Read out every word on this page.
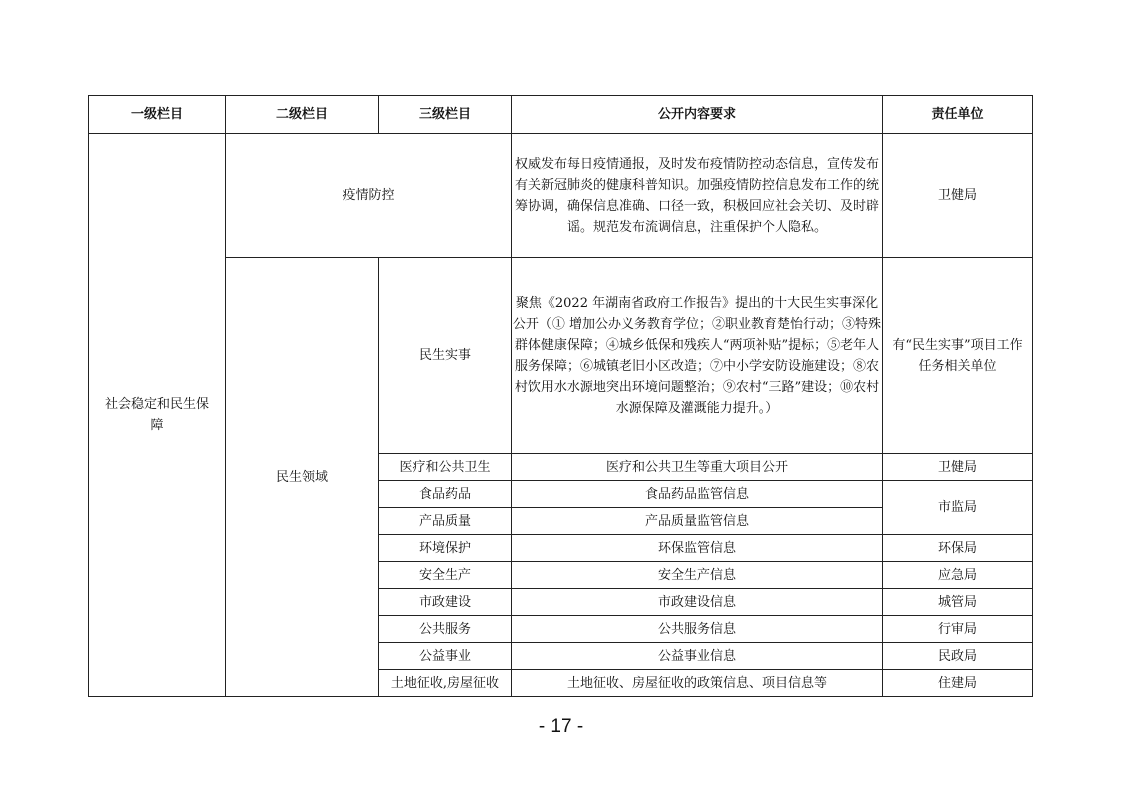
一级栏目	二级栏目	三级栏目	公开内容要求	责任单位
社会稳定和民生保障	疫情防控		权威发布每日疫情通报，及时发布疫情防控动态信息，宣传发布有关新冠肺炎的健康科普知识。加强疫情防控信息发布工作的统筹协调，确保信息准确、口径一致，积极回应社会关切、及时辟谣。规范发布流调信息，注重保护个人隐私。	卫健局
	民生领域	民生实事	聚焦《2022 年湖南省政府工作报告》提出的十大民生实事深化公开（① 增加公办义务教育学位；②职业教育楚怡行动；③特殊群体健康保障；④城乡低保和残疾人“两项补贴”提标；⑤老年人服务保障；⑥城镇老旧小区改造；⑦中小学安防设施建设；⑧农村饮用水水源地突出环境问题整治；⑨农村“三路”建设；⑩农村水源保障及灌溉能力提升。）	有“民生实事”项目工作任务相关单位
		医疗和公共卫生	医疗和公共卫生等重大项目公开	卫健局
		食品药品	食品药品监管信息	市监局
		产品质量	产品质量监管信息	
		环境保护	环保监管信息	环保局
		安全生产	安全生产信息	应急局
		市政建设	市政建设信息	城管局
		公共服务	公共服务信息	行审局
		公益事业	公益事业信息	民政局
		土地征收,房屋征收	土地征收、房屋征收的政策信息、项目信息等	住建局
- 17 -
